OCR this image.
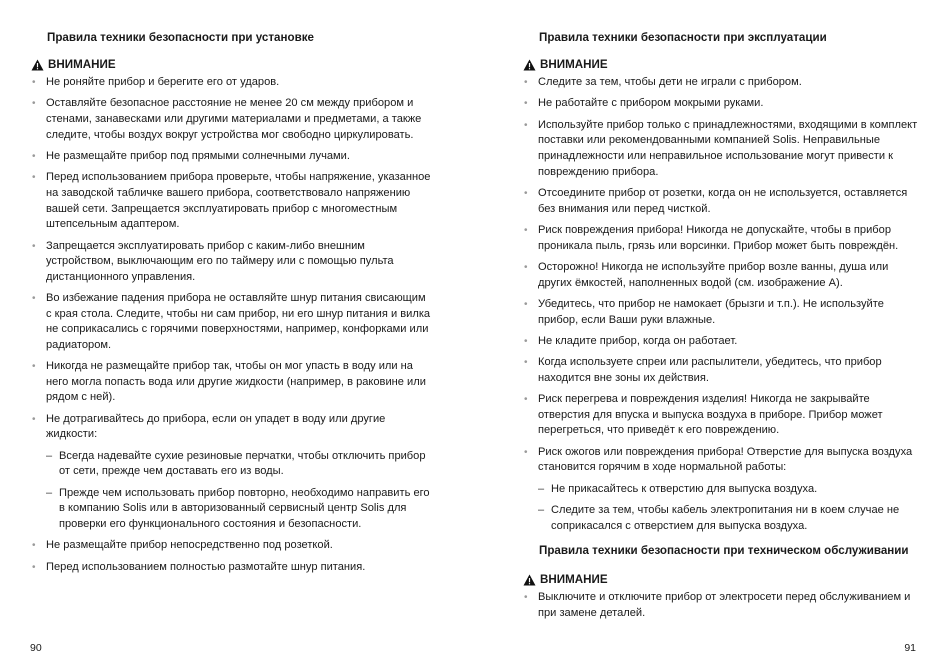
Правила техники безопасности при установке
ВНИМАНИЕ
• Не роняйте прибор и берегите его от ударов.
• Оставляйте безопасное расстояние не менее 20 см между прибором и стенами, занавесками или другими материалами и предметами, а также следите, чтобы воздух вокруг устройства мог свободно циркулировать.
• Не размещайте прибор под прямыми солнечными лучами.
• Перед использованием прибора проверьте, чтобы напряжение, указанное на заводской табличке вашего прибора, соответствовало напряжению вашей сети. Запрещается эксплуатировать прибор с многоместным штепсельным адаптером.
• Запрещается эксплуатировать прибор с каким-либо внешним устройством, выключающим его по таймеру или с помощью пульта дистанционного управления.
• Во избежание падения прибора не оставляйте шнур питания свисающим с края стола. Следите, чтобы ни сам прибор, ни его шнур питания и вилка не соприкасались с горячими поверхностями, например, конфорками или радиатором.
• Никогда не размещайте прибор так, чтобы он мог упасть в воду или на него могла попасть вода или другие жидкости (например, в раковине или рядом с ней).
• Не дотрагивайтесь до прибора, если он упадет в воду или другие жидкости:
– Всегда надевайте сухие резиновые перчатки, чтобы отключить прибор от сети, прежде чем доставать его из воды.
– Прежде чем использовать прибор повторно, необходимо направить его в компанию Solis или в авторизованный сервисный центр Solis для проверки его функционального состояния и безопасности.
• Не размещайте прибор непосредственно под розеткой.
• Перед использованием полностью размотайте шнур питания.
90
Правила техники безопасности при эксплуатации
ВНИМАНИЕ
• Следите за тем, чтобы дети не играли с прибором.
• Не работайте с прибором мокрыми руками.
• Используйте прибор только с принадлежностями, входящими в комплект поставки или рекомендованными компанией Solis. Неправильные принадлежности или неправильное использование могут привести к повреждению прибора.
• Отсоедините прибор от розетки, когда он не используется, оставляется без внимания или перед чисткой.
• Риск повреждения прибора! Никогда не допускайте, чтобы в прибор проникала пыль, грязь или ворсинки. Прибор может быть повреждён.
• Осторожно! Никогда не используйте прибор возле ванны, душа или других ёмкостей, наполненных водой (см. изображение А).
• Убедитесь, что прибор не намокает (брызги и т.п.). Не используйте прибор, если Ваши руки влажные.
• Не кладите прибор, когда он работает.
• Когда используете спреи или распылители, убедитесь, что прибор находится вне зоны их действия.
• Риск перегрева и повреждения изделия! Никогда не закрывайте отверстия для впуска и выпуска воздуха в приборе. Прибор может перегреться, что приведёт к его повреждению.
• Риск ожогов или повреждения прибора! Отверстие для выпуска воздуха становится горячим в ходе нормальной работы:
– Не прикасайтесь к отверстию для выпуска воздуха.
– Следите за тем, чтобы кабель электропитания ни в коем случае не соприкасался с отверстием для выпуска воздуха.
Правила техники безопасности при техническом обслуживании
ВНИМАНИЕ
• Выключите и отключите прибор от электросети перед обслуживанием и при замене деталей.
91
